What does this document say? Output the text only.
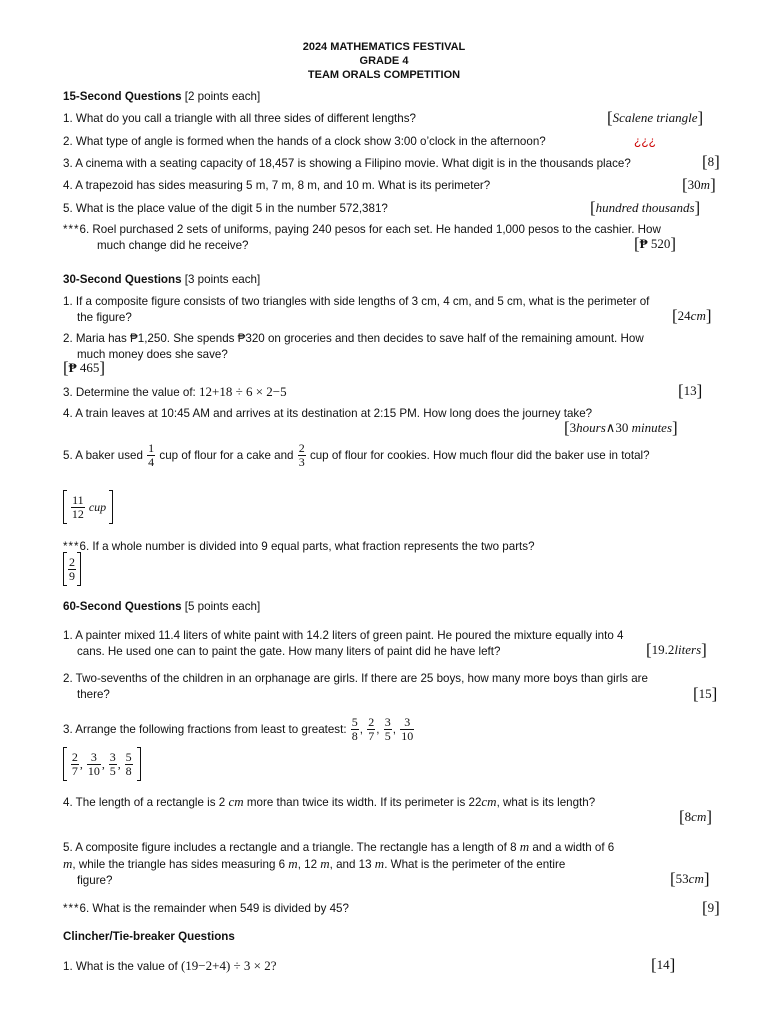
2024 MATHEMATICS FESTIVAL
GRADE 4
TEAM ORALS COMPETITION
15-Second Questions [2 points each]
1. What do you call a triangle with all three sides of different lengths?	[Scalene triangle]
2. What type of angle is formed when the hands of a clock show 3:00 o’clock in the afternoon?	¿¿¿
3. A cinema with a seating capacity of 18,457 is showing a Filipino movie. What digit is in the thousands place?	[8]
4. A trapezoid has sides measuring 5 m, 7 m, 8 m, and 10 m. What is its perimeter?	[30m]
5. What is the place value of the digit 5 in the number 572,381?	[hundred thousands]
***6. Roel purchased 2 sets of uniforms, paying 240 pesos for each set. He handed 1,000 pesos to the cashier. How
much change did he receive?	[₱ 520]
30-Second Questions [3 points each]
1. If a composite figure consists of two triangles with side lengths of 3 cm, 4 cm, and 5 cm, what is the perimeter of
the figure?	[24cm]
2. Maria has ₱1,250. She spends ₱320 on groceries and then decides to save half of the remaining amount. How
much money does she save?
[₱ 465]
3. Determine the value of: 12+18 ÷ 6 × 2−5	[13]
4. A train leaves at 10:45 AM and arrives at its destination at 2:15 PM. How long does the journey take?
[3hours∧30 minutes]
5. A baker used $\frac{1}{4}$ cup of flour for a cake and $\frac{2}{3}$ cup of flour for cookies. How much flour did the baker use in total?

$\frac{11}{12}$ cup
***6. If a whole number is divided into 9 equal parts, what fraction represents the two parts?
$\frac{2}{9}$
60-Second Questions [5 points each]
1. A painter mixed 11.4 liters of white paint with 14.2 liters of green paint. He poured the mixture equally into 4
cans. He used one can to paint the gate. How many liters of paint did he have left?	[19.2liters]
2. Two-sevenths of the children in an orphanage are girls. If there are 25 boys, how many more boys than girls are
there?	[15]
3. Arrange the following fractions from least to greatest: $\frac{5}{8}$ , $\frac{2}{7}$ , $\frac{3}{5}$ , $\frac{3}{10}$

$\frac{2}{7}$ , $\frac{3}{10}$ , $\frac{3}{5}$ , $\frac{5}{8}$

4. The length of a rectangle is 2 cm more than twice its width. If its perimeter is 22cm, what is its length?
[8cm]
5. A composite figure includes a rectangle and a triangle. The rectangle has a length of 8 m and a width of 6
m, while the triangle has sides measuring 6 m, 12 m, and 13 m. What is the perimeter of the entire
figure?	[53cm]
***6. What is the remainder when 549 is divided by 45?	[9]
Clincher/Tie-breaker Questions
1. What is the value of (19−2+4) ÷ 3 × 2?	[14]
